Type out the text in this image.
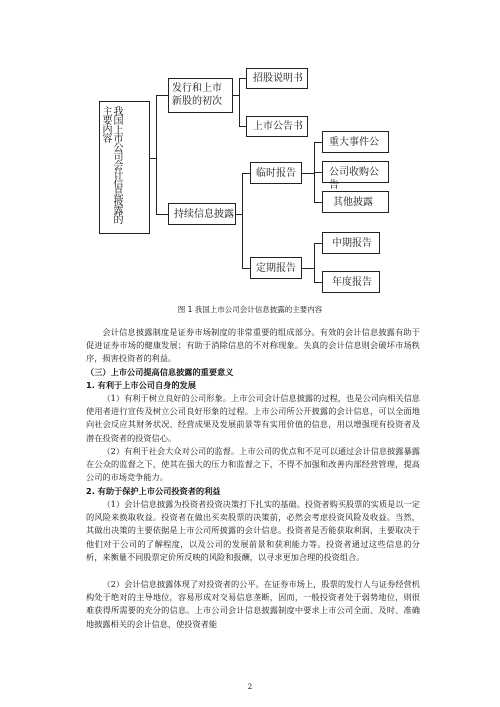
我国上市公司会计信息披露的主要内容
发行和上市新股的初次
招股说明书
上市公告书
持续信息披露
临时报告
定期报告
重大事件公
公司收购公告
其他披露
中期报告
年度报告
图 1 我国上市公司会计信息披露的主要内容

会计信息披露制度是证券市场制度的非常重要的组成部分。有效的会计信息披露有助于促进证券市场的健康发展；有助于消除信息的不对称现象。失真的会计信息则会破坏市场秩序，损害投资者的利益。

（三）上市公司提高信息披露的重要意义

1. 有利于上市公司自身的发展

（1）有利于树立良好的公司形象。上市公司会计信息披露的过程，也是公司向相关信息使用者进行宣传及树立公司良好形象的过程。上市公司所公开披露的会计信息，可以全面地向社会反应其财务状况、经营成果及发展前景等有实用价值的信息，用以增强现有投资者及潜在投资者的投资信心。

（2）有利于社会大众对公司的监督。上市公司的优点和不足可以通过会计信息披露暴露在公众的监督之下，使其在强大的压力和监督之下，不得不加强和改善内部经营管理，提高公司的市场竞争能力。

2. 有助于保护上市公司投资者的利益

（1）会计信息披露为投资者投资决策打下扎实的基础。投资者购买股票的实质是以一定的风险来换取收益。投资者在做出买卖股票的决策前，必然会考虑投资风险及收益。当然，其做出决策的主要依据是上市公司所披露的会计信息。投资者是否能获取利润，主要取决于他们对于公司的了解程度，以及公司的发展前景和获利能力等。投资者通过这些信息的分析，来衡量不同股票定价所反映的风险和报酬，以寻求更加合理的投资组合。

（2）会计信息披露体现了对投资者的公平。在证券市场上，股票的发行人与证券经营机构处于绝对的主导地位，容易形成对交易信息垄断，因而，一般投资者处于弱势地位，则很难获得所需要的充分的信息。上市公司会计信息披露制度中要求上市公司全面、及时、准确地披露相关的会计信息，使投资者能

2
